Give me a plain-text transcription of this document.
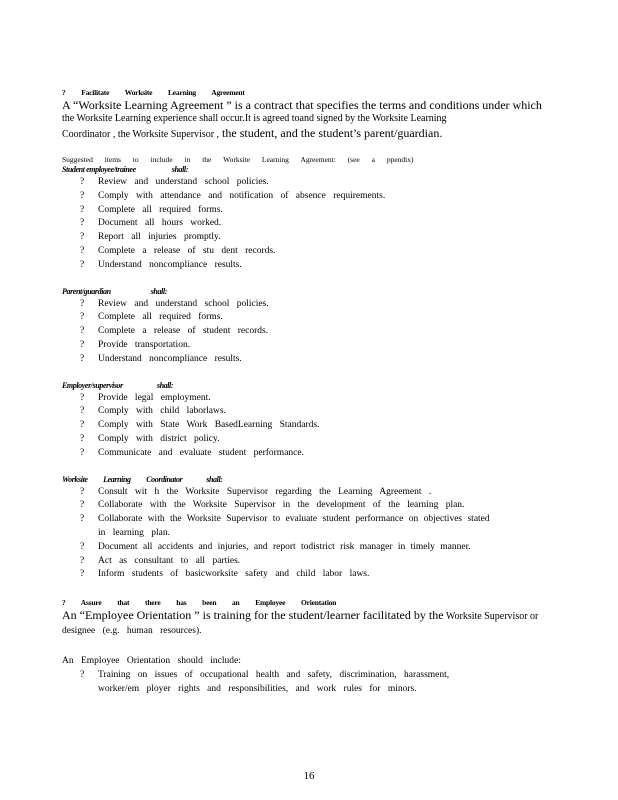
? Facilitate Worksite Learning Agreement

A “Worksite Learning Agreement ” is a contract that specifies the terms and conditions under which

the Worksite Learning experience shall occur.It is agreed toand signed by the Worksite Learning

Coordinator , the Worksite Supervisor , the student, and the student’s parent/guardian.

Suggested items to include in the Worksite Learning Agreement: (see a ppendix)

Student employee/trainee	shall:

? Review and understand school policies.
? Comply with attendance and notification of absence requirements.
? Complete all required forms.
? Document all hours worked.
? Report all injuries promptly.
? Complete a release of stu dent records.
? Understand noncompliance results.

Parent/guardian	shall:

? Review and understand school policies.
? Complete all required forms.
? Complete a release of student records.
? Provide transportation.
? Understand noncompliance results.

Employer/supervisor	shall:

? Provide legal employment.
? Comply with child laborlaws.
? Comply with State Work BasedLearning Standards.
? Comply with district policy.
? Communicate and evaluate student performance.

Worksite Learning Coordinator	shall:

? Consult wit h the Worksite Supervisor regarding the Learning Agreement .
? Collaborate with the Worksite Supervisor in the development of the learning plan.
? Collaborate with the Worksite Supervisor to evaluate student performance on objectives stated
in learning plan.
? Document all accidents and injuries, and report todistrict risk manager in timely manner.
? Act as consultant to all parties.
? Inform students of basicworksite safety and child labor laws.

? Assure that there has been an Employee Orientation

An “Employee Orientation ” is training for the student/learner facilitated by the Worksite Supervisor or

designee (e.g. human resources).

An Employee Orientation should include:

? Training on issues of occupational health and safety, discrimination, harassment,
worker/em ployer rights and responsibilities, and work rules for minors.
16
